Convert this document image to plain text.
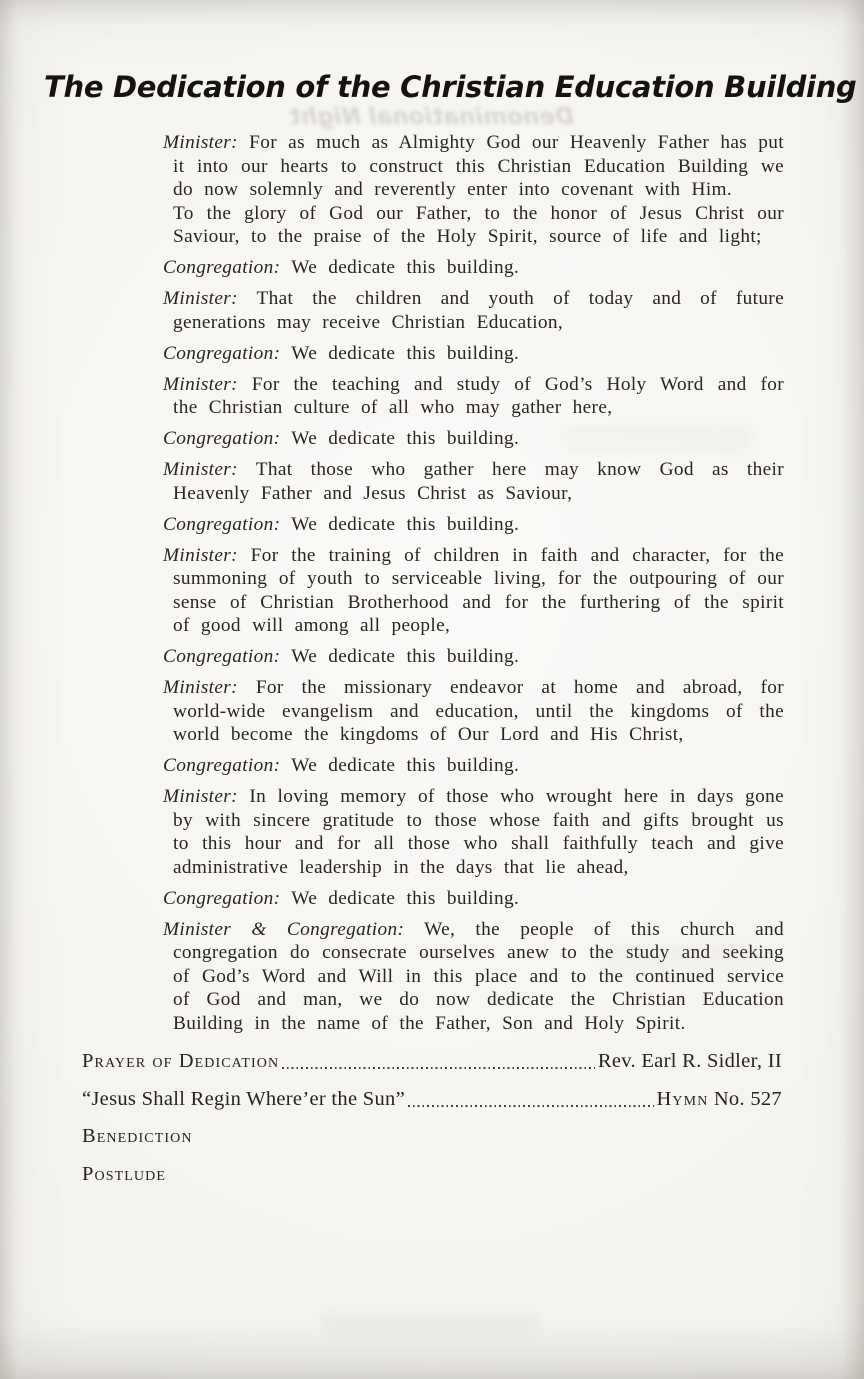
Denominational Night
The Dedication of the Christian Education Building

Minister: For as much as Almighty God our Heavenly Father has put it into our hearts to construct this Christian Education Building we do now solemnly and reverently enter into covenant with Him.

To the glory of God our Father, to the honor of Jesus Christ our Saviour, to the praise of the Holy Spirit, source of life and light;

Congregation: We dedicate this building.

Minister: That the children and youth of today and of future generations may receive Christian Education,

Congregation: We dedicate this building.

Minister: For the teaching and study of God’s Holy Word and for the Christian culture of all who may gather here,

Congregation: We dedicate this building.

Minister: That those who gather here may know God as their Heavenly Father and Jesus Christ as Saviour,

Congregation: We dedicate this building.

Minister: For the training of children in faith and character, for the summoning of youth to serviceable living, for the outpouring of our sense of Christian Brotherhood and for the furthering of the spirit of good will among all people,

Congregation: We dedicate this building.

Minister: For the missionary endeavor at home and abroad, for world-wide evangelism and education, until the kingdoms of the world become the kingdoms of Our Lord and His Christ,

Congregation: We dedicate this building.

Minister: In loving memory of those who wrought here in days gone by with sincere gratitude to those whose faith and gifts brought us to this hour and for all those who shall faithfully teach and give administrative leadership in the days that lie ahead,

Congregation: We dedicate this building.

Minister & Congregation: We, the people of this church and congregation do consecrate ourselves anew to the study and seeking of God’s Word and Will in this place and to the continued service of God and man, we do now dedicate the Christian Education Building in the name of the Father, Son and Holy Spirit.

Prayer of Dedication	Rev. Earl R. Sidler, II
“Jesus Shall Regin Where’er the Sun”	Hymn No. 527
Benediction
Postlude
